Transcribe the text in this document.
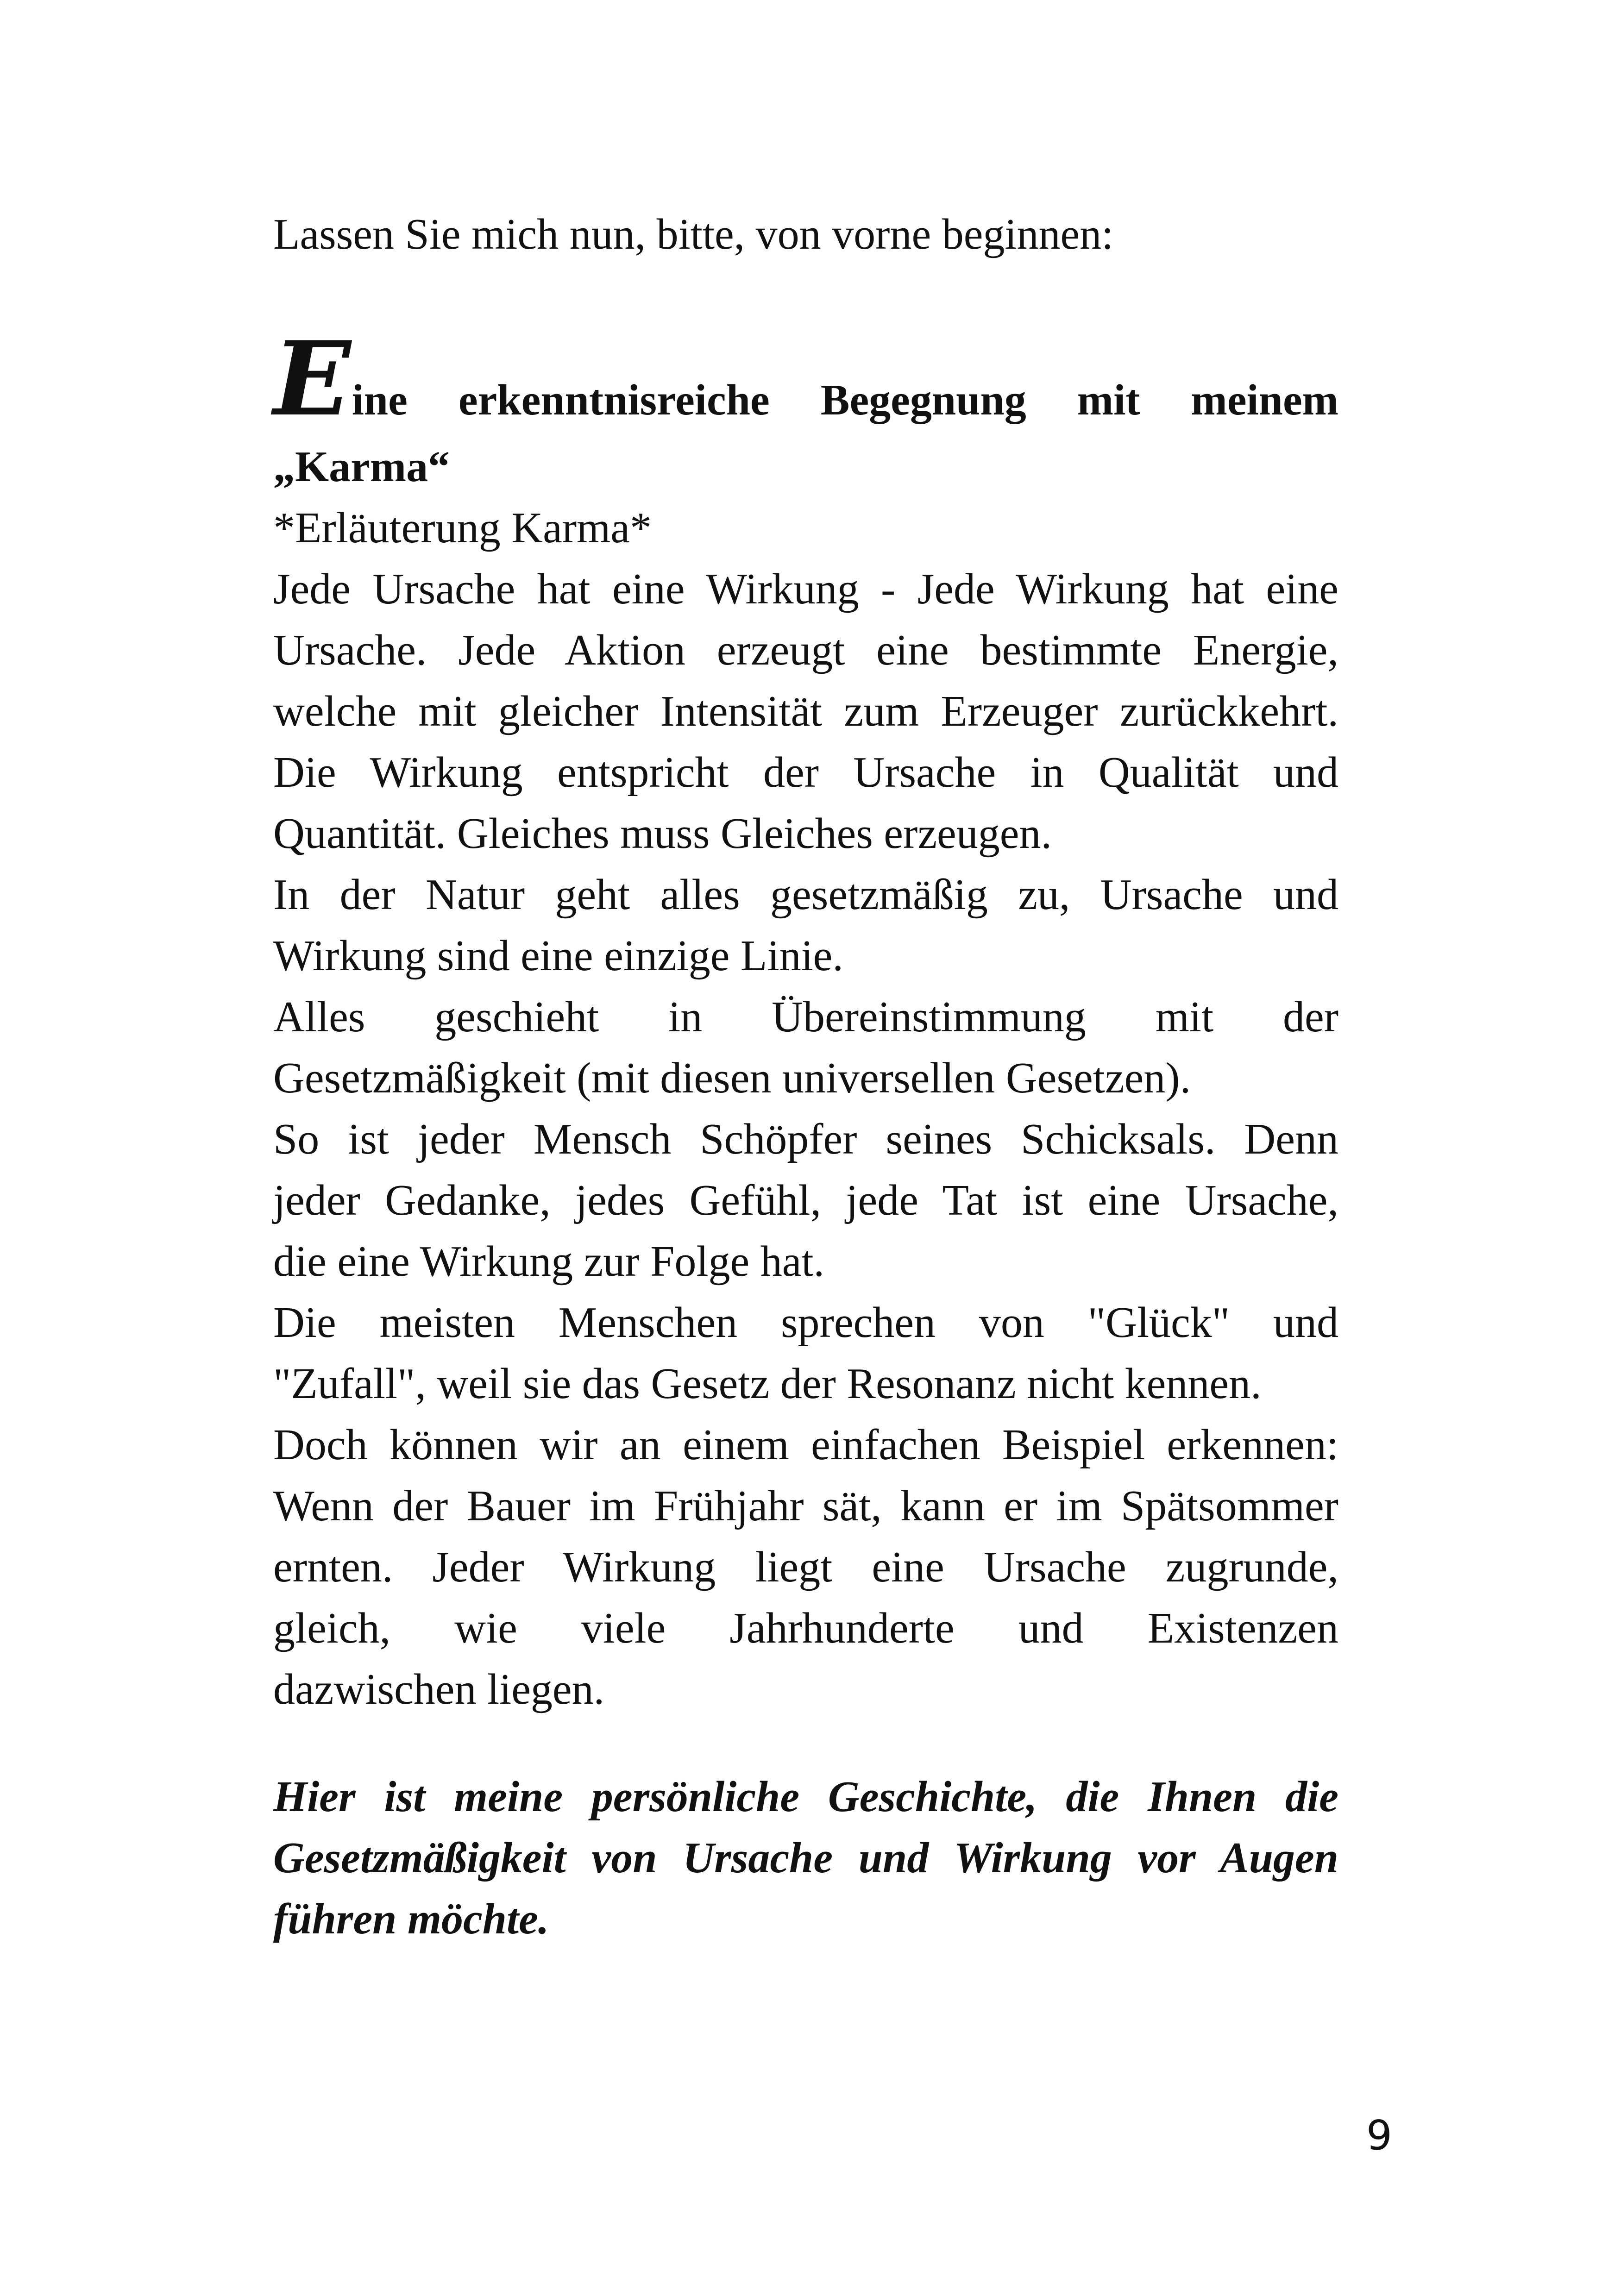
Lassen Sie mich nun, bitte, von vorne beginnen:

Eine erkenntnisreiche Begegnung mit meinem
„Karma“
*Erläuterung Karma*
Jede Ursache hat eine Wirkung - Jede Wirkung hat eine
Ursache. Jede Aktion erzeugt eine bestimmte Energie,
welche mit gleicher Intensität zum Erzeuger zurückkehrt.
Die Wirkung entspricht der Ursache in Qualität und
Quantität. Gleiches muss Gleiches erzeugen.
In der Natur geht alles gesetzmäßig zu, Ursache und
Wirkung sind eine einzige Linie.
Alles geschieht in Übereinstimmung mit der
Gesetzmäßigkeit (mit diesen universellen Gesetzen).
So ist jeder Mensch Schöpfer seines Schicksals. Denn
jeder Gedanke, jedes Gefühl, jede Tat ist eine Ursache,
die eine Wirkung zur Folge hat.
Die meisten Menschen sprechen von "Glück" und
"Zufall", weil sie das Gesetz der Resonanz nicht kennen.
Doch können wir an einem einfachen Beispiel erkennen:
Wenn der Bauer im Frühjahr sät, kann er im Spätsommer
ernten. Jeder Wirkung liegt eine Ursache zugrunde,
gleich, wie viele Jahrhunderte und Existenzen
dazwischen liegen.
Hier ist meine persönliche Geschichte, die Ihnen die
Gesetzmäßigkeit von Ursache und Wirkung vor Augen
führen möchte.
9
